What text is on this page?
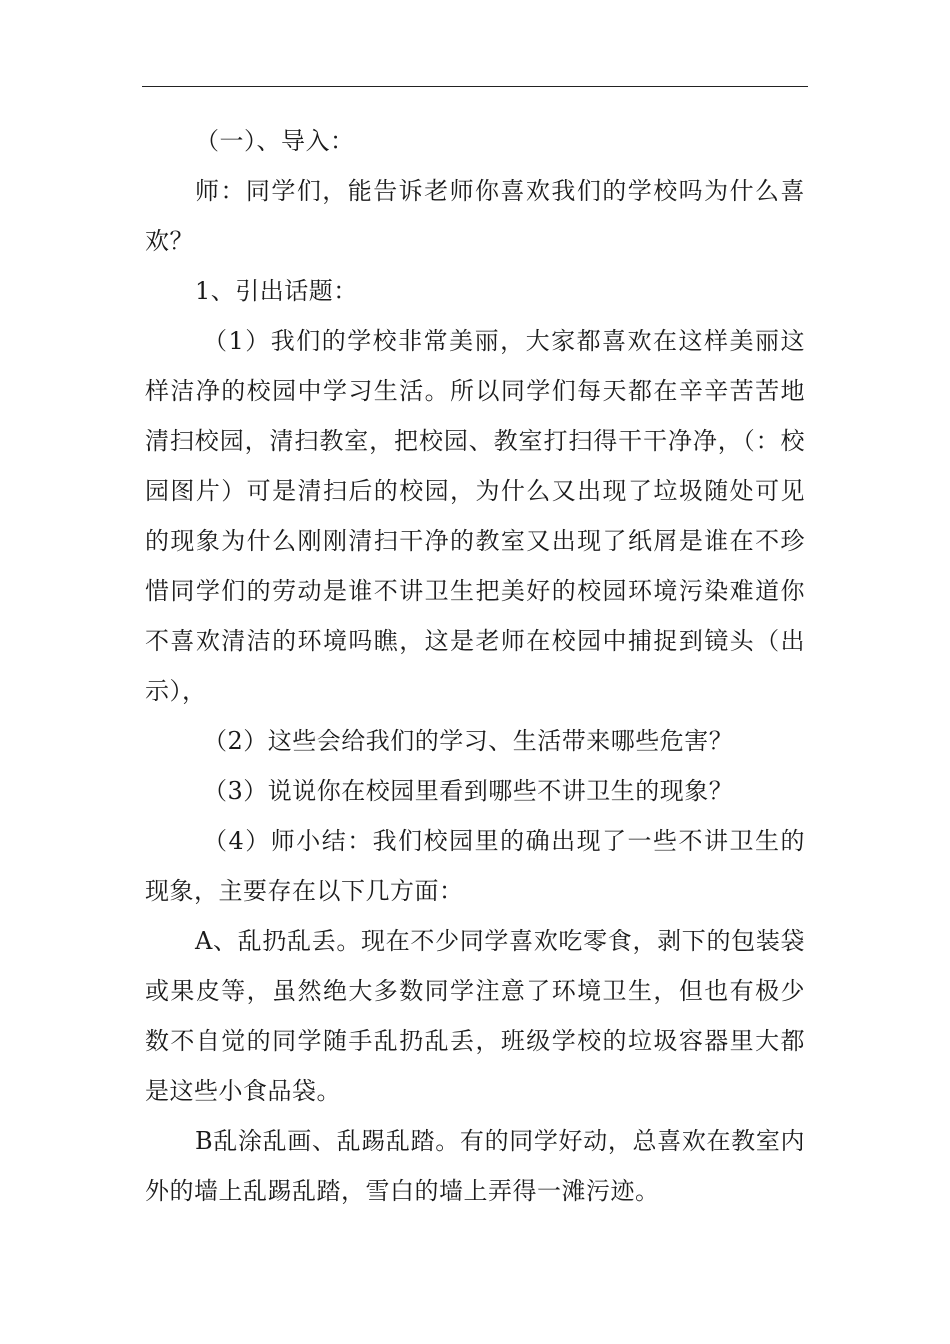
（一）、导入：

师：同学们，能告诉老师你喜欢我们的学校吗为什么喜欢？

1、引出话题：

（1）我们的学校非常美丽，大家都喜欢在这样美丽这样洁净的校园中学习生活。所以同学们每天都在辛辛苦苦地清扫校园，清扫教室，把校园、教室打扫得干干净净，（：校园图片）可是清扫后的校园，为什么又出现了垃圾随处可见的现象为什么刚刚清扫干净的教室又出现了纸屑是谁在不珍惜同学们的劳动是谁不讲卫生把美好的校园环境污染难道你不喜欢清洁的环境吗瞧，这是老师在校园中捕捉到镜头（出示），

（2）这些会给我们的学习、生活带来哪些危害？

（3）说说你在校园里看到哪些不讲卫生的现象？

（4）师小结：我们校园里的确出现了一些不讲卫生的现象，主要存在以下几方面：

A、乱扔乱丢。现在不少同学喜欢吃零食，剥下的包装袋或果皮等，虽然绝大多数同学注意了环境卫生，但也有极少数不自觉的同学随手乱扔乱丢，班级学校的垃圾容器里大都是这些小食品袋。

B乱涂乱画、乱踢乱踏。有的同学好动，总喜欢在教室内外的墙上乱踢乱踏，雪白的墙上弄得一滩污迹。
